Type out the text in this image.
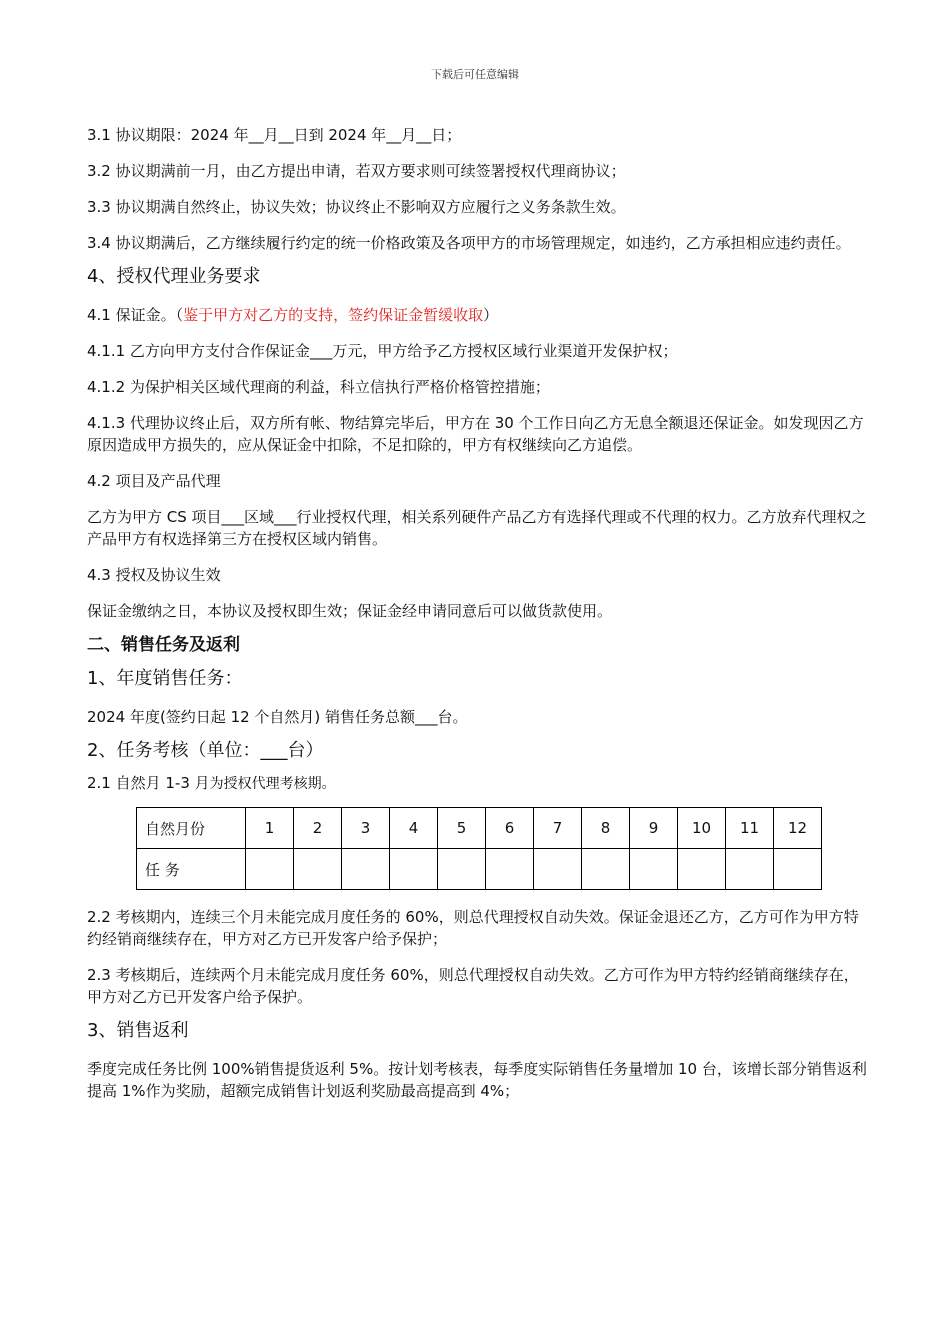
下载后可任意编辑

3.1 协议期限：2024 年__月__日到 2024 年__月__日；

3.2 协议期满前一月，由乙方提出申请，若双方要求则可续签署授权代理商协议；

3.3 协议期满自然终止，协议失效；协议终止不影响双方应履行之义务条款生效。

3.4 协议期满后，乙方继续履行约定的统一价格政策及各项甲方的市场管理规定，如违约，乙方承担相应违约责任。

4、授权代理业务要求

4.1 保证金。（鉴于甲方对乙方的支持，签约保证金暂缓收取）

4.1.1 乙方向甲方支付合作保证金___万元，甲方给予乙方授权区域行业渠道开发保护权；

4.1.2 为保护相关区域代理商的利益，科立信执行严格价格管控措施；

4.1.3 代理协议终止后，双方所有帐、物结算完毕后，甲方在 30 个工作日向乙方无息全额退还保证金。如发现因乙方原因造成甲方损失的，应从保证金中扣除，不足扣除的，甲方有权继续向乙方追偿。

4.2 项目及产品代理

乙方为甲方 CS 项目___区域___行业授权代理，相关系列硬件产品乙方有选择代理或不代理的权力。乙方放弃代理权之产品甲方有权选择第三方在授权区域内销售。

4.3 授权及协议生效

保证金缴纳之日，本协议及授权即生效；保证金经申请同意后可以做货款使用。

二、销售任务及返利
1、年度销售任务：

2024 年度(签约日起 12 个自然月) 销售任务总额___台。

2、任务考核（单位：___台）

2.1 自然月 1-3 月为授权代理考核期。

自然月份	1	2	3	4	5	6	7	8	9	10	11	12
任 务												

2.2 考核期内，连续三个月未能完成月度任务的 60%，则总代理授权自动失效。保证金退还乙方，乙方可作为甲方特约经销商继续存在，甲方对乙方已开发客户给予保护；

2.3 考核期后，连续两个月未能完成月度任务 60%，则总代理授权自动失效。乙方可作为甲方特约经销商继续存在，甲方对乙方已开发客户给予保护。

3、销售返利

季度完成任务比例 100%销售提货返利 5%。按计划考核表，每季度实际销售任务量增加 10 台，该增长部分销售返利提高 1%作为奖励，超额完成销售计划返利奖励最高提高到 4%；
